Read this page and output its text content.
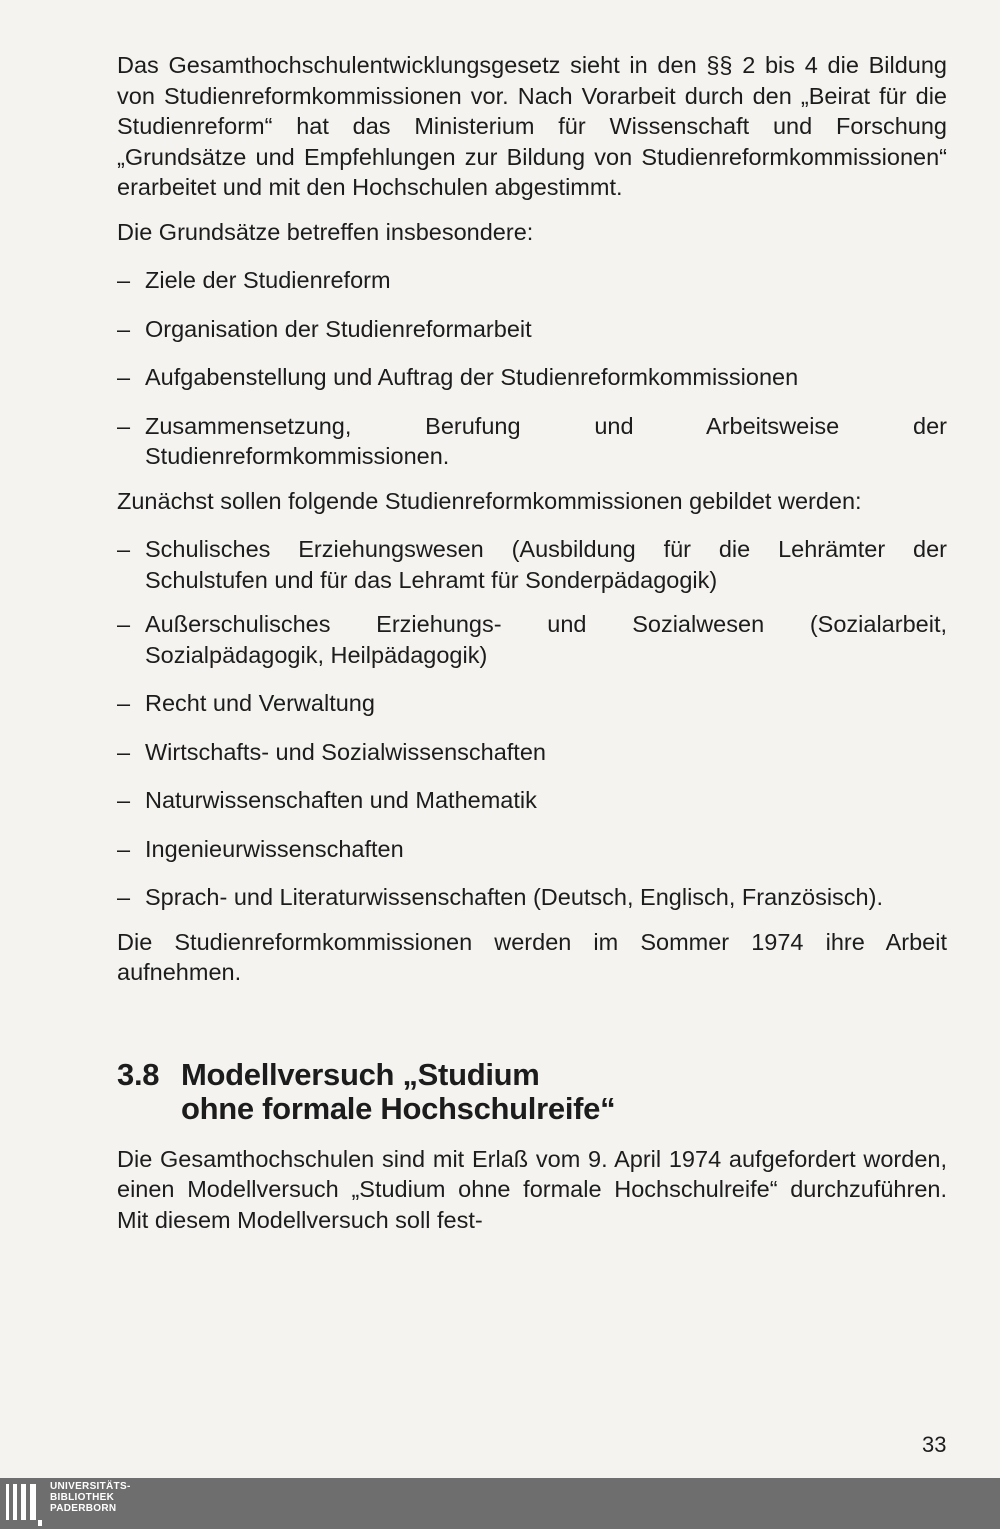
Das Gesamthochschulentwicklungsgesetz sieht in den §§ 2 bis 4 die Bildung von Studienreformkommissionen vor. Nach Vorarbeit durch den „Beirat für die Studienreform“ hat das Ministerium für Wissenschaft und Forschung „Grundsätze und Empfehlungen zur Bildung von Studienreformkommissionen“ erarbeitet und mit den Hochschulen abgestimmt.

Die Grundsätze betreffen insbesondere:

– Ziele der Studienreform

– Organisation der Studienreformarbeit

– Aufgabenstellung und Auftrag der Studienreformkommissionen

– Zusammensetzung, Berufung und Arbeitsweise der Studienreformkommissionen.

Zunächst sollen folgende Studienreformkommissionen gebildet werden:

– Schulisches Erziehungswesen (Ausbildung für die Lehrämter der Schulstufen und für das Lehramt für Sonderpädagogik)

– Außerschulisches Erziehungs- und Sozialwesen (Sozialarbeit, Sozialpädagogik, Heilpädagogik)

– Recht und Verwaltung

– Wirtschafts- und Sozialwissenschaften

– Naturwissenschaften und Mathematik

– Ingenieurwissenschaften

– Sprach- und Literaturwissenschaften (Deutsch, Englisch, Französisch).

Die Studienreformkommissionen werden im Sommer 1974 ihre Arbeit aufnehmen.

3.8 Modellversuch „Studium
ohne formale Hochschulreife“

Die Gesamthochschulen sind mit Erlaß vom 9. April 1974 aufgefordert worden, einen Modellversuch „Studium ohne formale Hochschulreife“ durchzuführen. Mit diesem Modellversuch soll fest-

33
UNIVERSITÄTS-
BIBLIOTHEK
PADERBORN
